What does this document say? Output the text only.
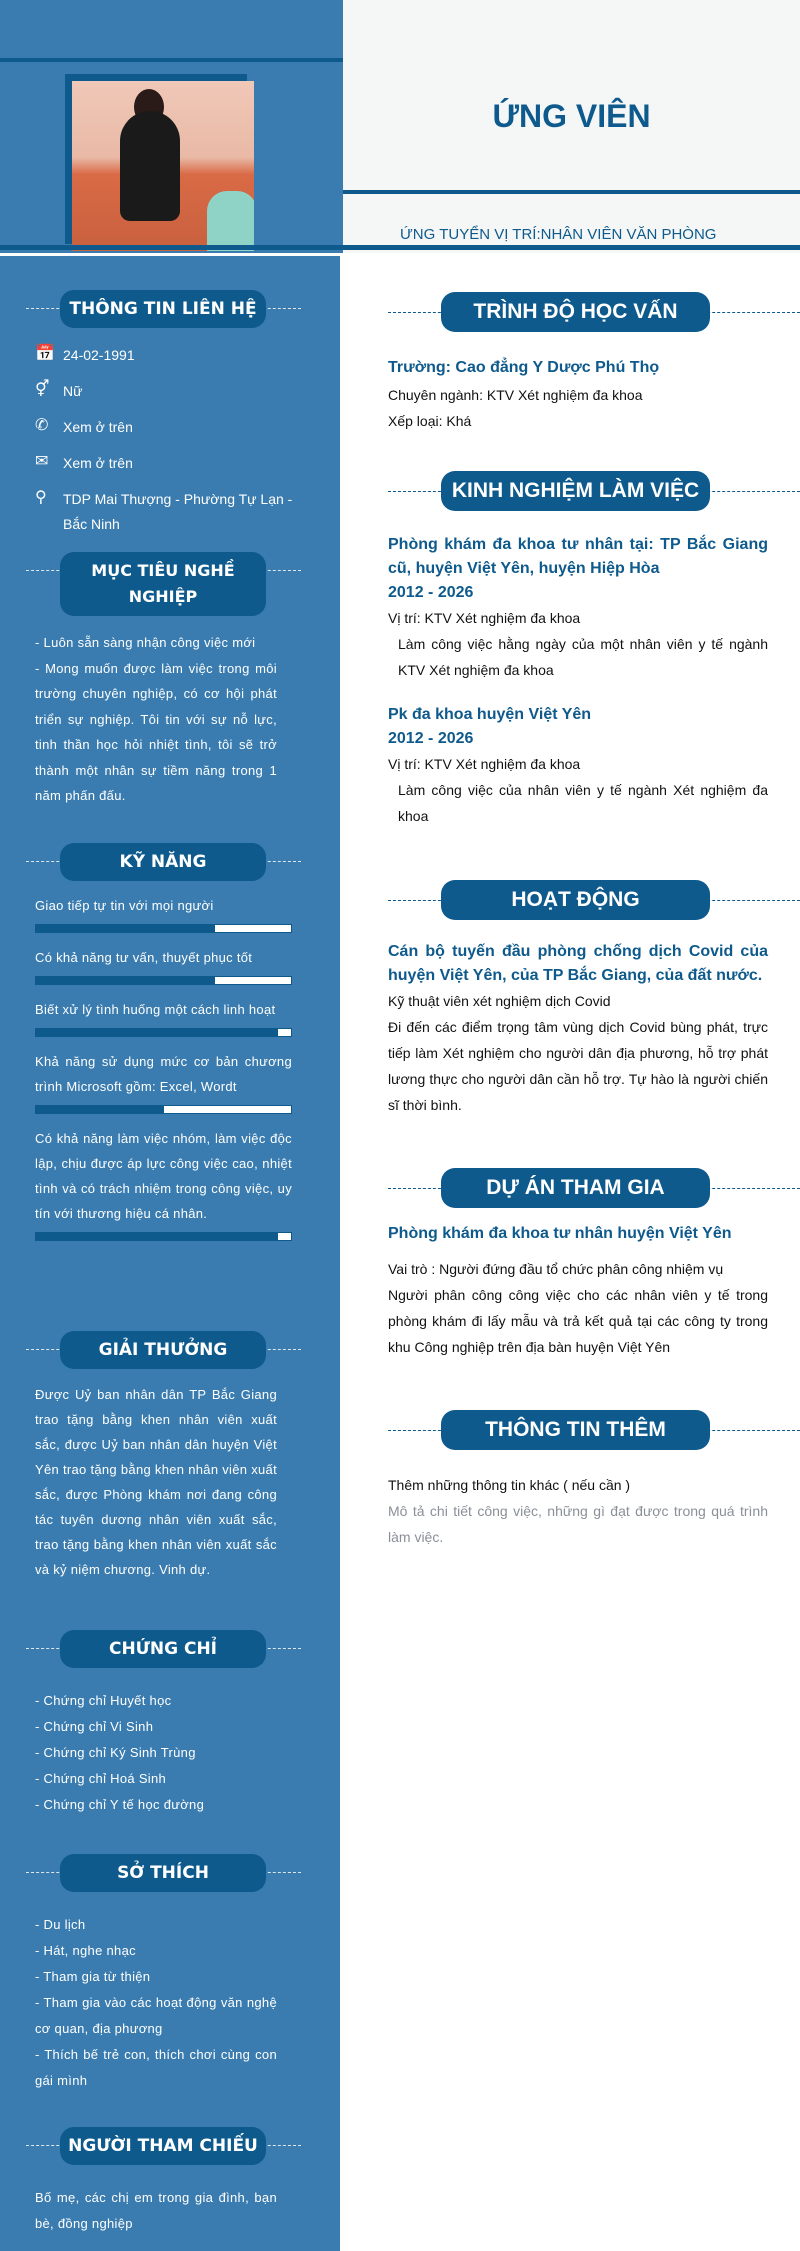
ỨNG VIÊN
ỨNG TUYỂN VỊ TRÍ:NHÂN VIÊN VĂN PHÒNG
THÔNG TIN LIÊN HỆ
📅 24-02-1991
⚥ Nữ
✆	Xem ở trên
✉	Xem ở trên
⚲	TDP Mai Thượng - Phường Tự Lạn - Bắc Ninh
MỤC TIÊU NGHỀ NGHIỆP
- Luôn sẵn sàng nhận công việc mới
- Mong muốn được làm việc trong môi trường chuyên nghiệp, có cơ hội phát triển sự nghiệp. Tôi tin với sự nỗ lực, tinh thần học hỏi nhiệt tình, tôi sẽ trở thành một nhân sự tiềm năng trong 1 năm phấn đấu.
KỸ NĂNG
Giao tiếp tự tin với mọi người
Có khả năng tư vấn, thuyết phục tốt
Biết xử lý tình huống một cách linh hoạt
Khả năng sử dụng mức cơ bản chương trình Microsoft gồm: Excel, Wordt
Có khả năng làm việc nhóm, làm việc độc lập, chịu được áp lực công việc cao, nhiệt tình và có trách nhiệm trong công việc, uy tín với thương hiệu cá nhân.
GIẢI THƯỞNG
Được Uỷ ban nhân dân TP Bắc Giang trao tặng bằng khen nhân viên xuất sắc, được Uỷ ban nhân dân huyện Việt Yên trao tặng bằng khen nhân viên xuất sắc, được Phòng khám nơi đang công tác tuyên dương nhân viên xuất sắc, trao tặng bằng khen nhân viên xuất sắc và kỷ niệm chương. Vinh dự.
CHỨNG CHỈ
- Chứng chỉ Huyết học
- Chứng chỉ Vi Sinh
- Chứng chỉ Ký Sinh Trùng
- Chứng chỉ Hoá Sinh
- Chứng chỉ Y tế học đường
SỞ THÍCH
- Du lịch
- Hát, nghe nhạc
- Tham gia từ thiện
- Tham gia vào các hoạt động văn nghệ cơ quan, địa phương
- Thích bế trẻ con, thích chơi cùng con gái mình
NGƯỜI THAM CHIẾU
Bố mẹ, các chị em trong gia đình, bạn bè, đồng nghiệp
TRÌNH ĐỘ HỌC VẤN
Trường: Cao đẳng Y Dược Phú Thọ
Chuyên ngành: KTV Xét nghiệm đa khoa
Xếp loại: Khá
KINH NGHIỆM LÀM VIỆC
Phòng khám đa khoa tư nhân tại: TP Bắc Giang cũ, huyện Việt Yên, huyện Hiệp Hòa
2012 - 2026
Vị trí: KTV Xét nghiệm đa khoa
Làm công việc hằng ngày của một nhân viên y tế ngành KTV Xét nghiệm đa khoa
Pk đa khoa huyện Việt Yên
2012 - 2026
Vị trí: KTV Xét nghiệm đa khoa
Làm công việc của nhân viên y tế ngành Xét nghiệm đa khoa
HOẠT ĐỘNG
Cán bộ tuyến đầu phòng chống dịch Covid của huyện Việt Yên, của TP Bắc Giang, của đất nước.
Kỹ thuật viên xét nghiệm dịch Covid
Đi đến các điểm trọng tâm vùng dịch Covid bùng phát, trực tiếp làm Xét nghiệm cho người dân địa phương, hỗ trợ phát lương thực cho người dân cần hỗ trợ. Tự hào là người chiến sĩ thời bình.
DỰ ÁN THAM GIA
Phòng khám đa khoa tư nhân huyện Việt Yên
Vai trò : Người đứng đầu tổ chức phân công nhiệm vụ
Người phân công công việc cho các nhân viên y tế trong phòng khám đi lấy mẫu và trả kết quả tại các công ty trong khu Công nghiệp trên địa bàn huyện Việt Yên
THÔNG TIN THÊM
Thêm những thông tin khác ( nếu cần )
Mô tả chi tiết công việc, những gì đạt được trong quá trình làm việc.
